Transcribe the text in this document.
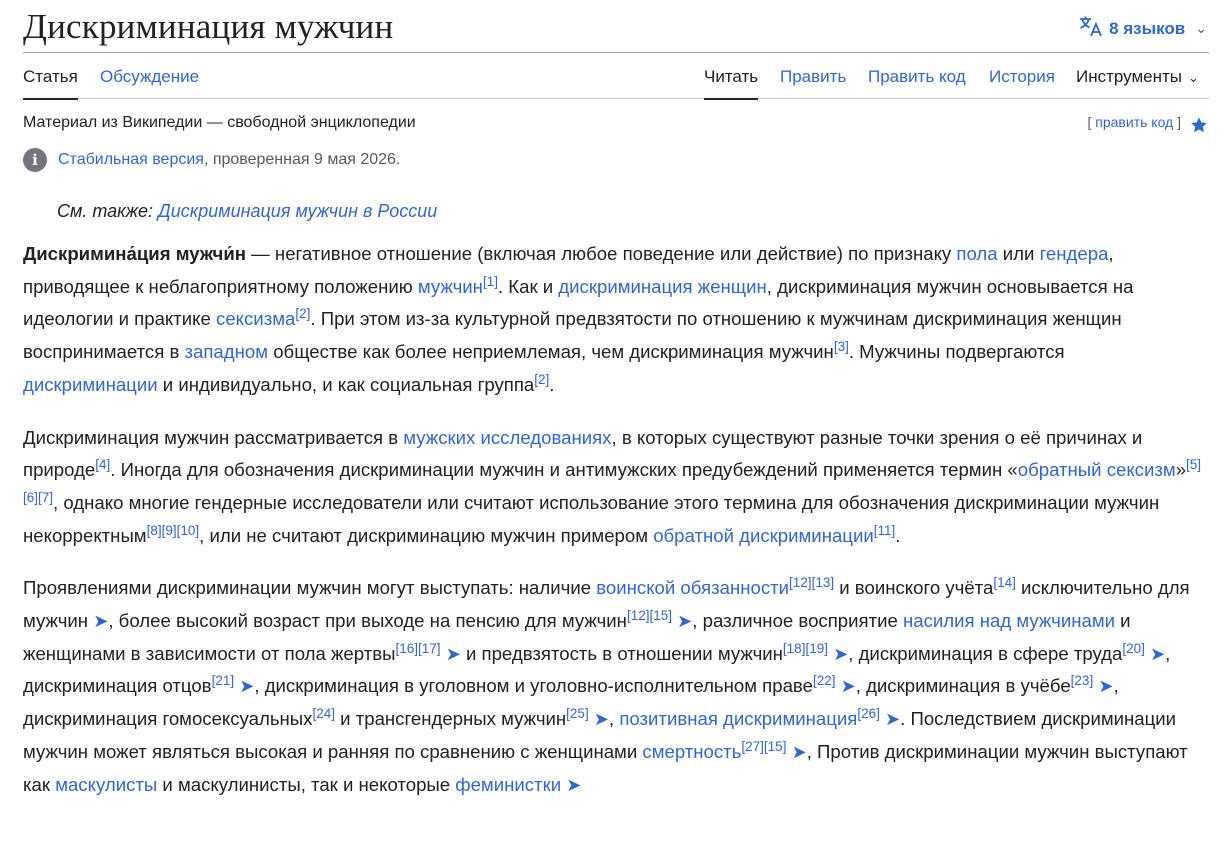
Дискриминация мужчин	8 языков ⌄
Статья Обсуждение	Читать Править Править код История Инструменты ⌄
Материал из Википедии — свободной энциклопедии	[ править код ]
i	Стабильная версия , проверенная 9 мая 2026.
См. также: Дискриминация мужчин в России

Дискримина́ция мужчи́н — негативное отношение (включая любое поведение или действие) по признаку пола или гендера, приводящее к неблагоприятному положению мужчин[1]. Как и дискриминация женщин, дискриминация мужчин основывается на идеологии и практике сексизма[2]. При этом из-за культурной предвзятости по отношению к мужчинам дискриминация женщин воспринимается в западном обществе как более неприемлемая, чем дискриминация мужчин[3]. Мужчины подвергаются дискриминации и индивидуально, и как социальная группа[2].

Дискриминация мужчин рассматривается в мужских исследованиях, в которых существуют разные точки зрения о её причинах и природе[4]. Иногда для обозначения дискриминации мужчин и антимужских предубеждений применяется термин «обратный сексизм»[5][6][7], однако многие гендерные исследователи или считают использование этого термина для обозначения дискриминации мужчин некорректным[8][9][10], или не считают дискриминацию мужчин примером обратной дискриминации[11].

Проявлениями дискриминации мужчин могут выступать: наличие воинской обязанности[12][13] и воинского учёта[14] исключительно для мужчин ➤, более высокий возраст при выходе на пенсию для мужчин[12][15] ➤, различное восприятие насилия над мужчинами и женщинами в зависимости от пола жертвы[16][17] ➤ и предвзятость в отношении мужчин[18][19] ➤, дискриминация в сфере труда[20] ➤, дискриминация отцов[21] ➤, дискриминация в уголовном и уголовно-исполнительном праве[22] ➤, дискриминация в учёбе[23] ➤, дискриминация гомосексуальных[24] и трансгендерных мужчин[25] ➤, позитивная дискриминация[26] ➤. Последствием дискриминации мужчин может являться высокая и ранняя по сравнению с женщинами смертность[27][15] ➤, Против дискриминации мужчин выступают как маскулисты и маскулинисты, так и некоторые феминистки ➤
